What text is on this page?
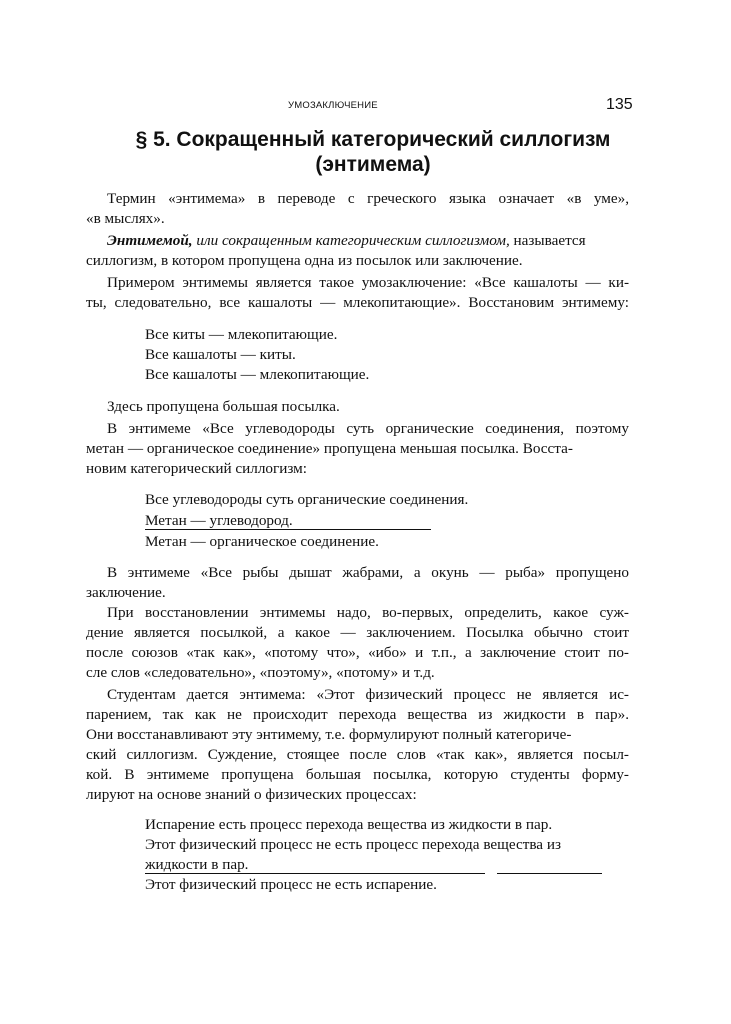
УМОЗАКЛЮЧЕНИЕ	135
§ 5. Сокращенный категорический силлогизм
(энтимема)
Термин «энтимема» в переводе с греческого языка означает «в уме»,
«в мыслях».
Энтимемой, или сокращенным категорическим силлогизмом, называется
силлогизм, в котором пропущена одна из посылок или заключение.
Примером энтимемы является такое умозаключение: «Все кашалоты — ки-
ты, следовательно, все кашалоты — млекопитающие». Восстановим энтимему:
Все киты — млекопитающие.
Все кашалоты — киты.
Все кашалоты — млекопитающие.
Здесь пропущена большая посылка.
В энтимеме «Все углеводороды суть органические соединения, поэтому
метан — органическое соединение» пропущена меньшая посылка. Восста-
новим категорический силлогизм:
Все углеводороды суть органические соединения.
Метан — углеводород.
Метан — органическое соединение.
В энтимеме «Все рыбы дышат жабрами, а окунь — рыба» пропущено
заключение.
При восстановлении энтимемы надо, во-первых, определить, какое суж-
дение является посылкой, а какое — заключением. Посылка обычно стоит
после союзов «так как», «потому что», «ибо» и т.п., а заключение стоит по-
сле слов «следовательно», «поэтому», «потому» и т.д.
Студентам дается энтимема: «Этот физический процесс не является ис-
парением, так как не происходит перехода вещества из жидкости в пар».
Они восстанавливают эту энтимему, т.е. формулируют полный категориче-
ский силлогизм. Суждение, стоящее после слов «так как», является посыл-
кой. В энтимеме пропущена большая посылка, которую студенты форму-
лируют на основе знаний о физических процессах:
Испарение есть процесс перехода вещества из жидкости в пар.
Этот физический процесс не есть процесс перехода вещества из
жидкости в пар.
Этот физический процесс не есть испарение.
